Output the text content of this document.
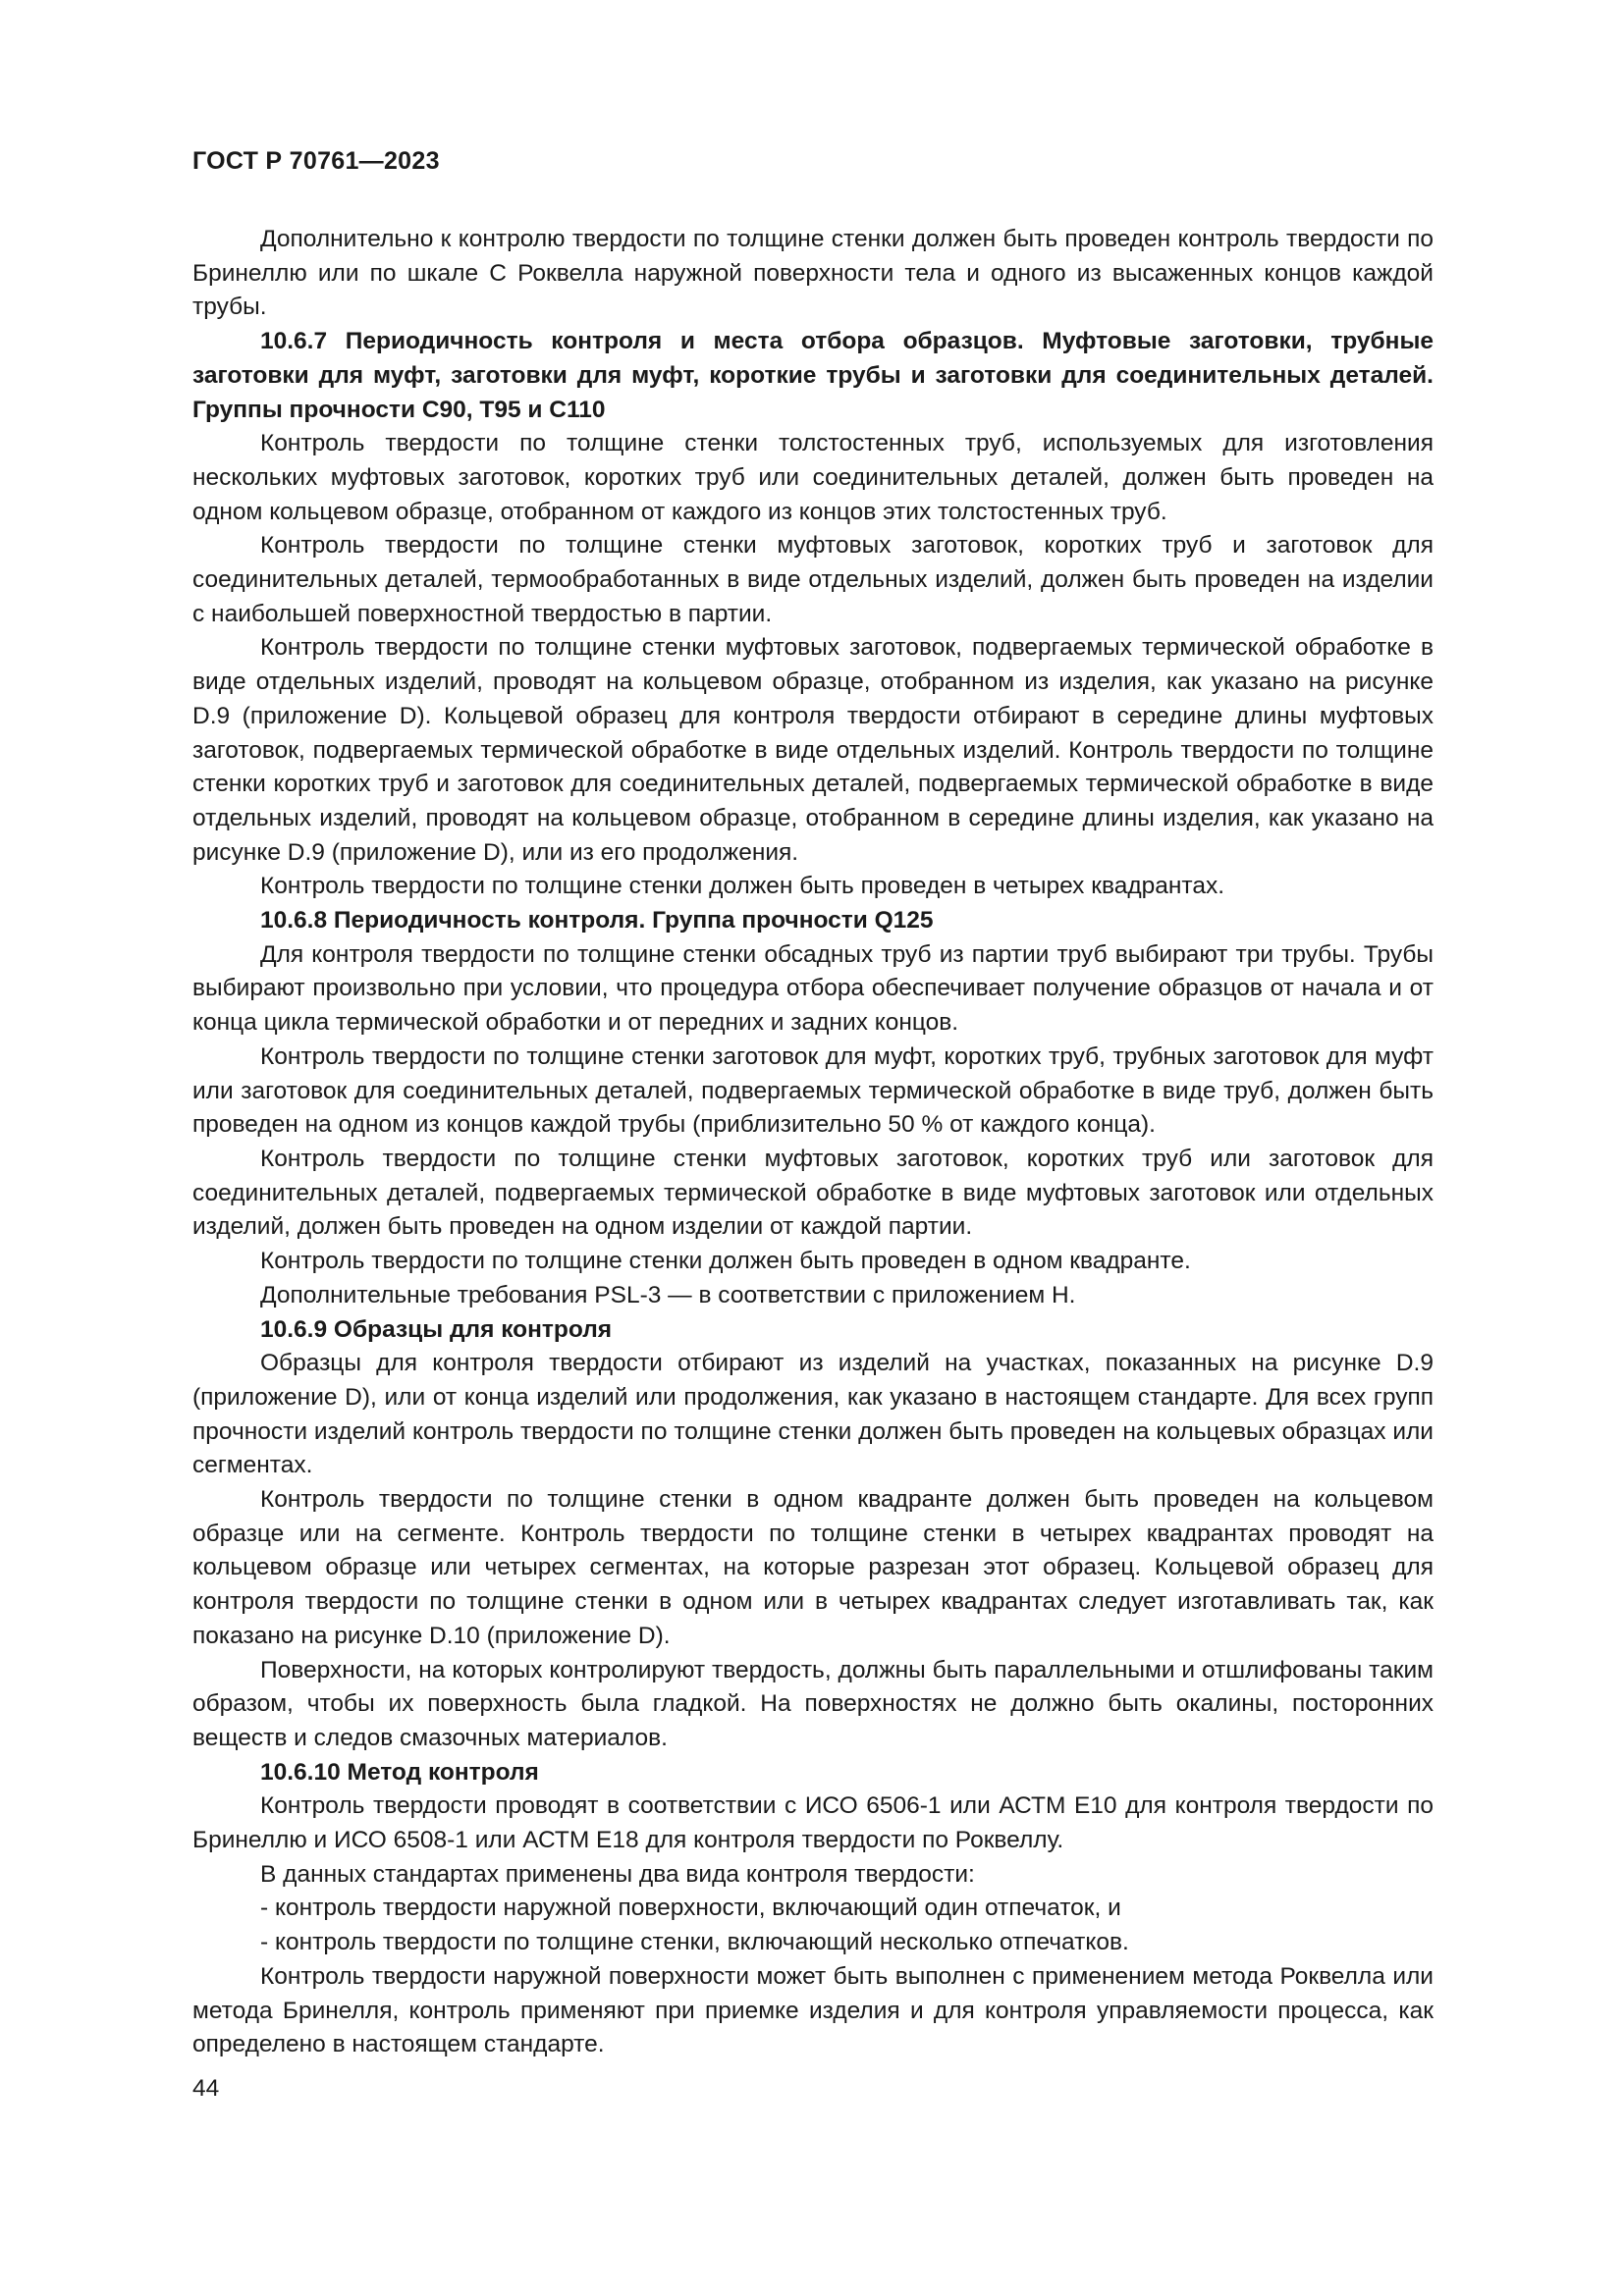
ГОСТ Р 70761—2023

Дополнительно к контролю твердости по толщине стенки должен быть проведен контроль твердости по Бринеллю или по шкале С Роквелла наружной поверхности тела и одного из высаженных концов каждой трубы.

10.6.7 Периодичность контроля и места отбора образцов. Муфтовые заготовки, трубные заготовки для муфт, заготовки для муфт, короткие трубы и заготовки для соединительных деталей. Группы прочности C90, T95 и C110

Контроль твердости по толщине стенки толстостенных труб, используемых для изготовления нескольких муфтовых заготовок, коротких труб или соединительных деталей, должен быть проведен на одном кольцевом образце, отобранном от каждого из концов этих толстостенных труб.

Контроль твердости по толщине стенки муфтовых заготовок, коротких труб и заготовок для соединительных деталей, термообработанных в виде отдельных изделий, должен быть проведен на изделии с наибольшей поверхностной твердостью в партии.

Контроль твердости по толщине стенки муфтовых заготовок, подвергаемых термической обработке в виде отдельных изделий, проводят на кольцевом образце, отобранном из изделия, как указано на рисунке D.9 (приложение D). Кольцевой образец для контроля твердости отбирают в середине длины муфтовых заготовок, подвергаемых термической обработке в виде отдельных изделий. Контроль твердости по толщине стенки коротких труб и заготовок для соединительных деталей, подвергаемых термической обработке в виде отдельных изделий, проводят на кольцевом образце, отобранном в середине длины изделия, как указано на рисунке D.9 (приложение D), или из его продолжения.

Контроль твердости по толщине стенки должен быть проведен в четырех квадрантах.

10.6.8 Периодичность контроля. Группа прочности Q125

Для контроля твердости по толщине стенки обсадных труб из партии труб выбирают три трубы. Трубы выбирают произвольно при условии, что процедура отбора обеспечивает получение образцов от начала и от конца цикла термической обработки и от передних и задних концов.

Контроль твердости по толщине стенки заготовок для муфт, коротких труб, трубных заготовок для муфт или заготовок для соединительных деталей, подвергаемых термической обработке в виде труб, должен быть проведен на одном из концов каждой трубы (приблизительно 50 % от каждого конца).

Контроль твердости по толщине стенки муфтовых заготовок, коротких труб или заготовок для соединительных деталей, подвергаемых термической обработке в виде муфтовых заготовок или отдельных изделий, должен быть проведен на одном изделии от каждой партии.

Контроль твердости по толщине стенки должен быть проведен в одном квадранте.

Дополнительные требования PSL-3 — в соответствии с приложением H.

10.6.9 Образцы для контроля

Образцы для контроля твердости отбирают из изделий на участках, показанных на рисунке D.9 (приложение D), или от конца изделий или продолжения, как указано в настоящем стандарте. Для всех групп прочности изделий контроль твердости по толщине стенки должен быть проведен на кольцевых образцах или сегментах.

Контроль твердости по толщине стенки в одном квадранте должен быть проведен на кольцевом образце или на сегменте. Контроль твердости по толщине стенки в четырех квадрантах проводят на кольцевом образце или четырех сегментах, на которые разрезан этот образец. Кольцевой образец для контроля твердости по толщине стенки в одном или в четырех квадрантах следует изготавливать так, как показано на рисунке D.10 (приложение D).

Поверхности, на которых контролируют твердость, должны быть параллельными и отшлифованы таким образом, чтобы их поверхность была гладкой. На поверхностях не должно быть окалины, посторонних веществ и следов смазочных материалов.

10.6.10 Метод контроля

Контроль твердости проводят в соответствии с ИСО 6506-1 или АСТМ Е10 для контроля твердости по Бринеллю и ИСО 6508-1 или АСТМ Е18 для контроля твердости по Роквеллу.

В данных стандартах применены два вида контроля твердости:

- контроль твердости наружной поверхности, включающий один отпечаток, и

- контроль твердости по толщине стенки, включающий несколько отпечатков.

Контроль твердости наружной поверхности может быть выполнен с применением метода Роквелла или метода Бринелля, контроль применяют при приемке изделия и для контроля управляемости процесса, как определено в настоящем стандарте.

44
